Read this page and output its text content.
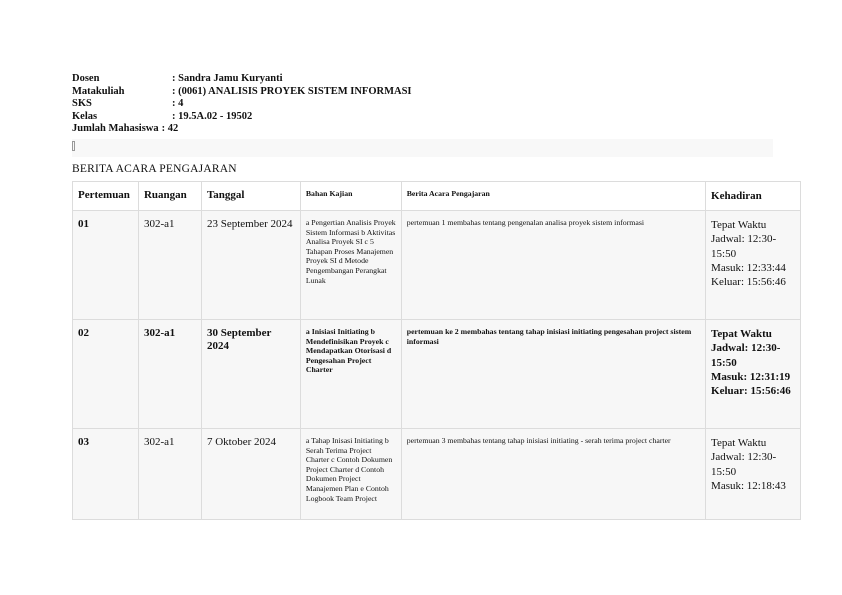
Dosen	: Sandra Jamu Kuryanti
Matakuliah	: (0061) ANALISIS PROYEK SISTEM INFORMASI
SKS	: 4
Kelas	: 19.5A.02 - 19502
Jumlah Mahasiswa : 42
BERITA ACARA PENGAJARAN
Pertemuan	Ruangan	Tanggal	Bahan Kajian	Berita Acara Pengajaran	Kehadiran
01	302-a1	23 September 2024	a Pengertian Analisis Proyek Sistem Informasi b Aktivitas Analisa Proyek SI c 5 Tahapan Proses Manajemen Proyek SI d Metode Pengembangan Perangkat Lunak	pertemuan 1 membahas tentang pengenalan analisa proyek sistem informasi	Tepat Waktu
Jadwal: 12:30-15:50
Masuk: 12:33:44
Keluar: 15:56:46

02	302-a1	30 September 2024	a Inisiasi Initiating b Mendefinisikan Proyek c Mendapatkan Otorisasi d Pengesahan Project Charter	pertemuan ke 2 membahas tentang tahap inisiasi initiating pengesahan project sistem informasi	Tepat Waktu
Jadwal: 12:30-15:50
Masuk: 12:31:19
Keluar: 15:56:46

03	302-a1	7 Oktober 2024	a Tahap Inisasi Initiating b Serah Terima Project Charter c Contoh Dokumen Project Charter d Contoh Dokumen Project Manajemen Plan e Contoh Logbook Team Project	pertemuan 3 membahas tentang tahap inisiasi initiating - serah terima project charter	Tepat Waktu
Jadwal: 12:30-15:50
Masuk: 12:18:43
